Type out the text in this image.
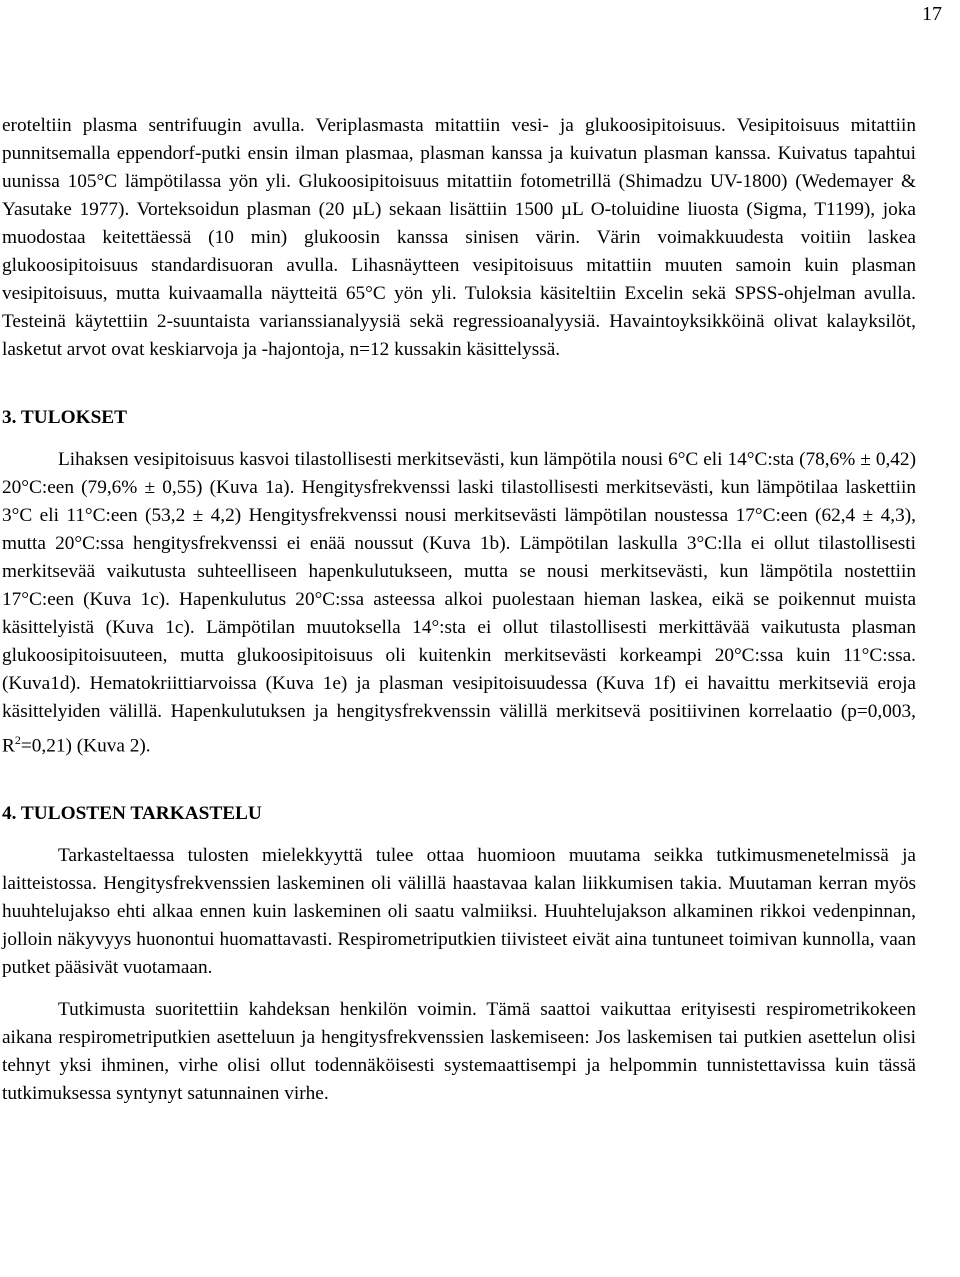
17

eroteltiin plasma sentrifuugin avulla. Veriplasmasta mitattiin vesi- ja glukoosipitoisuus. Vesipitoisuus mitattiin punnitsemalla eppendorf-putki ensin ilman plasmaa, plasman kanssa ja kuivatun plasman kanssa. Kuivatus tapahtui uunissa 105°C lämpötilassa yön yli. Glukoosipitoisuus mitattiin fotometrillä (Shimadzu UV-1800) (Wedemayer & Yasutake 1977). Vorteksoidun plasman (20 µL) sekaan lisättiin 1500 µL O-toluidine liuosta (Sigma, T1199), joka muodostaa keitettäessä (10 min) glukoosin kanssa sinisen värin. Värin voimakkuudesta voitiin laskea glukoosipitoisuus standardisuoran avulla. Lihasnäytteen vesipitoisuus mitattiin muuten samoin kuin plasman vesipitoisuus, mutta kuivaamalla näytteitä 65°C yön yli. Tuloksia käsiteltiin Excelin sekä SPSS-ohjelman avulla. Testeinä käytettiin 2-suuntaista varianssianalyysiä sekä regressioanalyysiä. Havaintoyksikköinä olivat kalayksilöt, lasketut arvot ovat keskiarvoja ja -hajontoja, n=12 kussakin käsittelyssä.

3. TULOKSET

Lihaksen vesipitoisuus kasvoi tilastollisesti merkitsevästi, kun lämpötila nousi 6°C eli 14°C:sta (78,6% ± 0,42) 20°C:een (79,6% ± 0,55) (Kuva 1a). Hengitysfrekvenssi laski tilastollisesti merkitsevästi, kun lämpötilaa laskettiin 3°C eli 11°C:een (53,2 ± 4,2) Hengitysfrekvenssi nousi merkitsevästi lämpötilan noustessa 17°C:een (62,4 ± 4,3), mutta 20°C:ssa hengitysfrekvenssi ei enää noussut (Kuva 1b). Lämpötilan laskulla 3°C:lla ei ollut tilastollisesti merkitsevää vaikutusta suhteelliseen hapenkulutukseen, mutta se nousi merkitsevästi, kun lämpötila nostettiin 17°C:een (Kuva 1c). Hapenkulutus 20°C:ssa asteessa alkoi puolestaan hieman laskea, eikä se poikennut muista käsittelyistä (Kuva 1c). Lämpötilan muutoksella 14°:sta ei ollut tilastollisesti merkittävää vaikutusta plasman glukoosipitoisuuteen, mutta glukoosipitoisuus oli kuitenkin merkitsevästi korkeampi 20°C:ssa kuin 11°C:ssa. (Kuva1d). Hematokriittiarvoissa (Kuva 1e) ja plasman vesipitoisuudessa (Kuva 1f) ei havaittu merkitseviä eroja käsittelyiden välillä. Hapenkulutuksen ja hengitysfrekvenssin välillä merkitsevä positiivinen korrelaatio (p=0,003, $R^2=0,21$) (Kuva 2).

4. TULOSTEN TARKASTELU

Tarkasteltaessa tulosten mielekkyyttä tulee ottaa huomioon muutama seikka tutkimusmenetelmissä ja laitteistossa. Hengitysfrekvenssien laskeminen oli välillä haastavaa kalan liikkumisen takia. Muutaman kerran myös huuhtelujakso ehti alkaa ennen kuin laskeminen oli saatu valmiiksi. Huuhtelujakson alkaminen rikkoi vedenpinnan, jolloin näkyvyys huonontui huomattavasti. Respirometriputkien tiivisteet eivät aina tuntuneet toimivan kunnolla, vaan putket pääsivät vuotamaan.

Tutkimusta suoritettiin kahdeksan henkilön voimin. Tämä saattoi vaikuttaa erityisesti respirometrikokeen aikana respirometriputkien asetteluun ja hengitysfrekvenssien laskemiseen: Jos laskemisen tai putkien asettelun olisi tehnyt yksi ihminen, virhe olisi ollut todennäköisesti systemaattisempi ja helpommin tunnistettavissa kuin tässä tutkimuksessa syntynyt satunnainen virhe.
